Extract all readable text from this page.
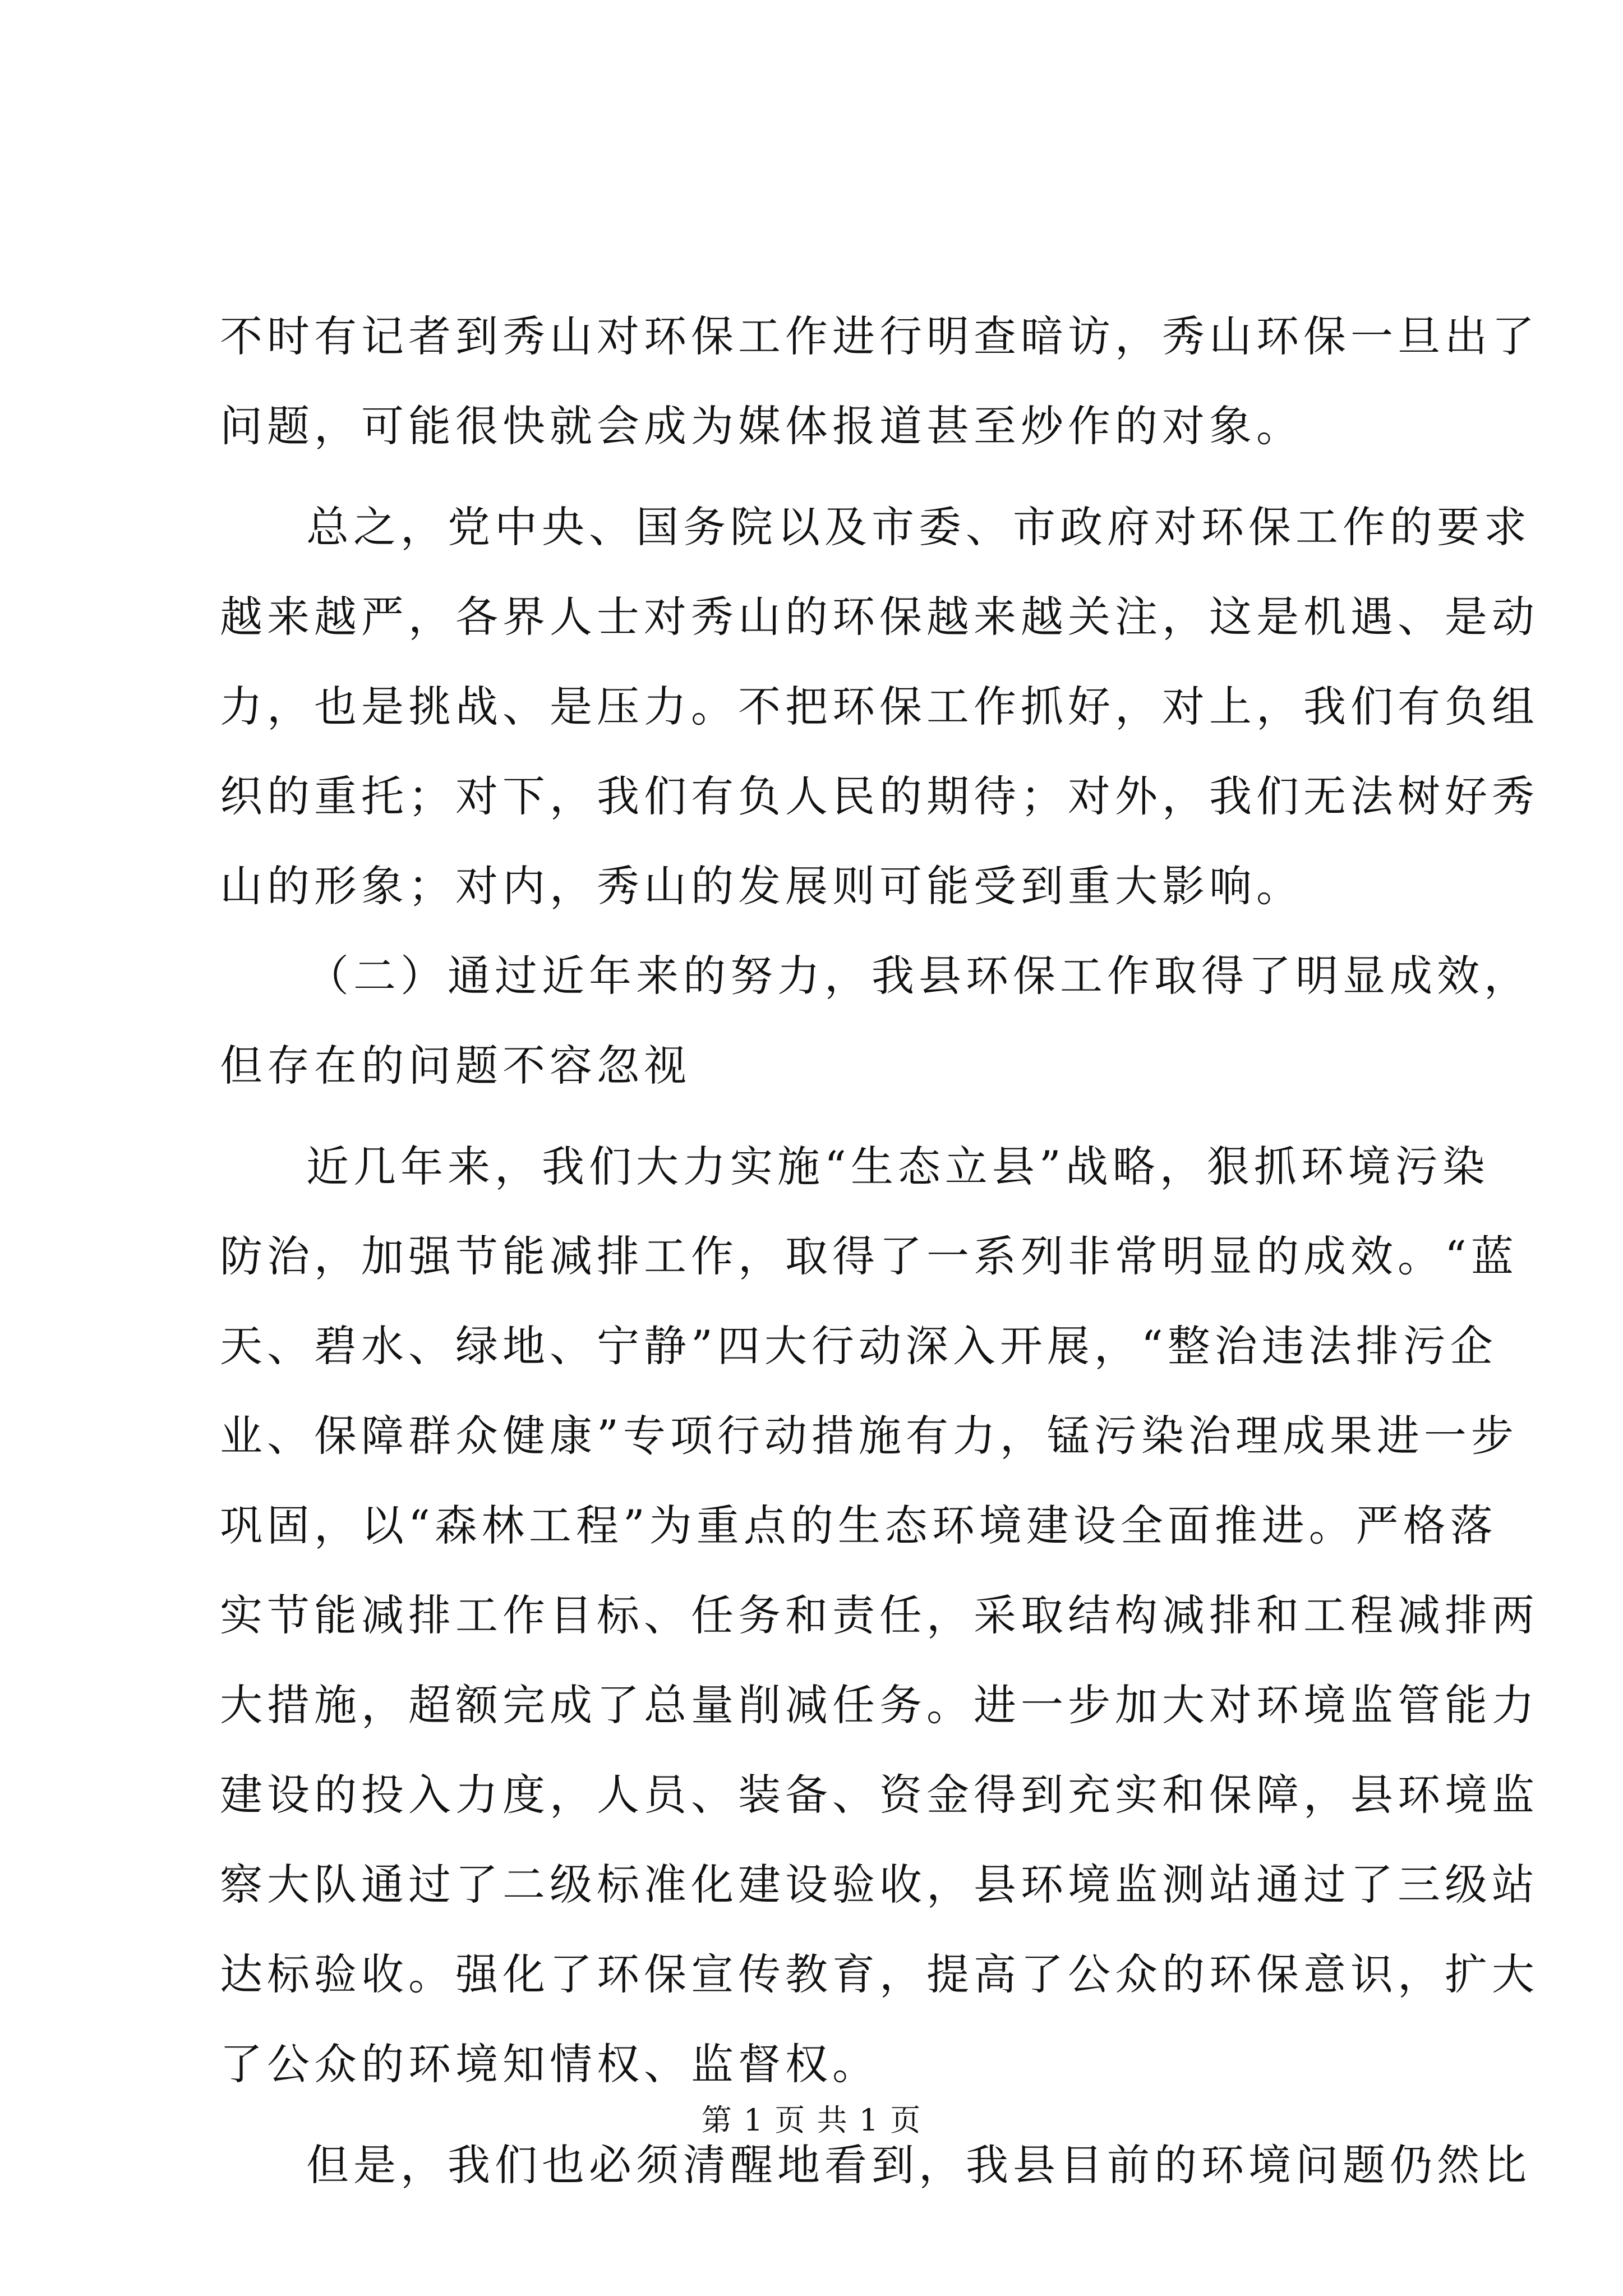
不时有记者到秀山对环保工作进行明查暗访，秀山环保一旦出了
问题，可能很快就会成为媒体报道甚至炒作的对象。
总之，党中央、国务院以及市委、市政府对环保工作的要求
越来越严，各界人士对秀山的环保越来越关注，这是机遇、是动
力，也是挑战、是压力。不把环保工作抓好，对上，我们有负组
织的重托；对下，我们有负人民的期待；对外，我们无法树好秀
山的形象；对内，秀山的发展则可能受到重大影响。
（二）通过近年来的努力，我县环保工作取得了明显成效，
但存在的问题不容忽视
近几年来，我们大力实施“生态立县”战略，狠抓环境污染
防治，加强节能减排工作，取得了一系列非常明显的成效。“蓝
天、碧水、绿地、宁静”四大行动深入开展，“整治违法排污企
业、保障群众健康”专项行动措施有力，锰污染治理成果进一步
巩固，以“森林工程”为重点的生态环境建设全面推进。严格落
实节能减排工作目标、任务和责任，采取结构减排和工程减排两
大措施，超额完成了总量削减任务。进一步加大对环境监管能力
建设的投入力度，人员、装备、资金得到充实和保障，县环境监
察大队通过了二级标准化建设验收，县环境监测站通过了三级站
达标验收。强化了环保宣传教育，提高了公众的环保意识，扩大
了公众的环境知情权、监督权。
但是，我们也必须清醒地看到，我县目前的环境问题仍然比
第 1 页 共 1 页
